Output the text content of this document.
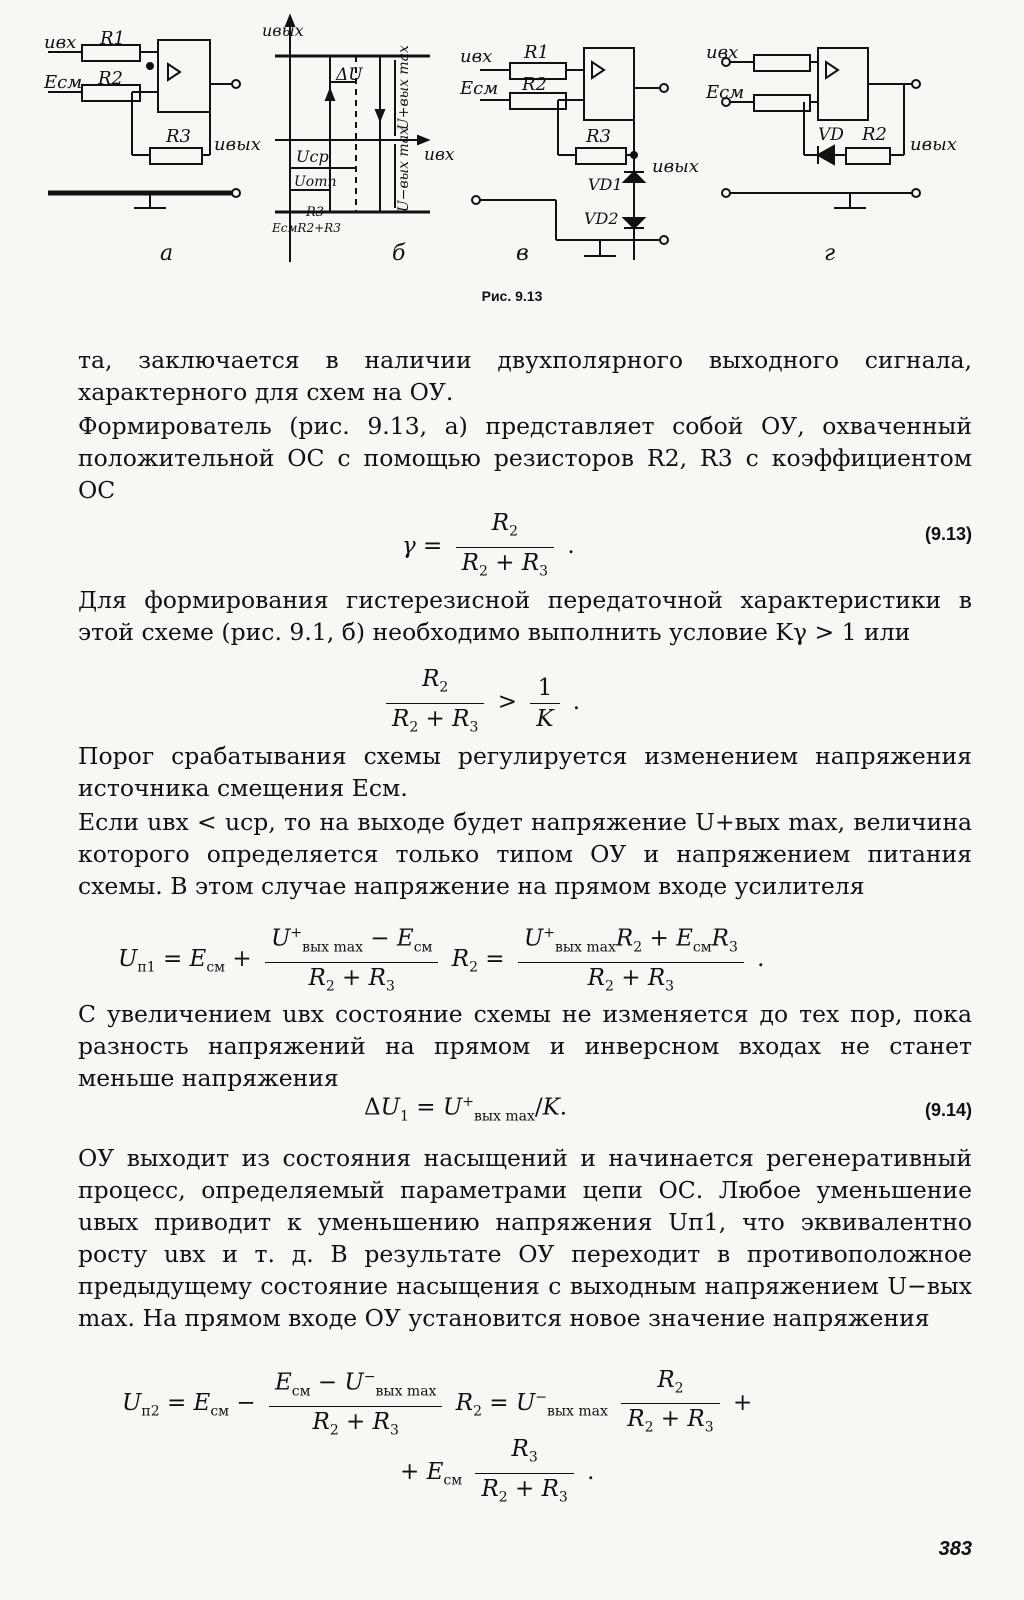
uвх R1
Eсм R2
R3 uвых
а
uвых
uвх
ΔU
Uср
Uотп
U+вых max
U−вых max
R3
EсмR2+R3
б
uвх R1
Eсм R2
R3
uвых
VD1
VD2
в
uвх
Eсм
VD R2 uвых
г
Рис. 9.13
та, заключается в наличии двухполярного выходного сигнала, характерного для схем на ОУ.
Формирователь (рис. 9.13, а) представляет собой ОУ, охваченный положительной ОС с помощью резисторов R2, R3 с коэффициентом ОС
$\gamma = \frac{R_2}{R_2 + R_3}$ .	(9.13)
Для формирования гистерезисной передаточной характеристики в этой схеме (рис. 9.1, б) необходимо выполнить условие Kγ > 1 или
$\frac{R_2}{R_2 + R_3} > \frac{1}{K}$ .
Порог срабатывания схемы регулируется изменением напряжения источника смещения Eсм.
Если uвх < uср, то на выходе будет напряжение U+вых max, величина которого определяется только типом ОУ и напряжением питания схемы. В этом случае напряжение на прямом входе усилителя
$U_{п1} = E_{см} + \frac{U^+_{вых max} - E_{см}}{R_2 + R_3} R_2 = \frac{U^+_{вых max}R_2 + E_{см}R_3}{R_2 + R_3}$ .
С увеличением uвх состояние схемы не изменяется до тех пор, пока разность напряжений на прямом и инверсном входах не станет меньше напряжения
$\Delta U_1 = U^+_{вых max}/K$.	(9.14)
ОУ выходит из состояния насыщений и начинается регенеративный процесс, определяемый параметрами цепи ОС. Любое уменьшение uвых приводит к уменьшению напряжения Uп1, что эквивалентно росту uвх и т. д. В результате ОУ переходит в противоположное предыдущему состояние насыщения с выходным напряжением U−вых max. На прямом входе ОУ установится новое значение напряжения
$U_{п2} = E_{см} - \frac{E_{см} - U^-_{вых max}}{R_2 + R_3} R_2 = U^-_{вых max} \frac{R_2}{R_2 + R_3}$ +
+ $E_{см} \frac{R_3}{R_2 + R_3}$ .
383
